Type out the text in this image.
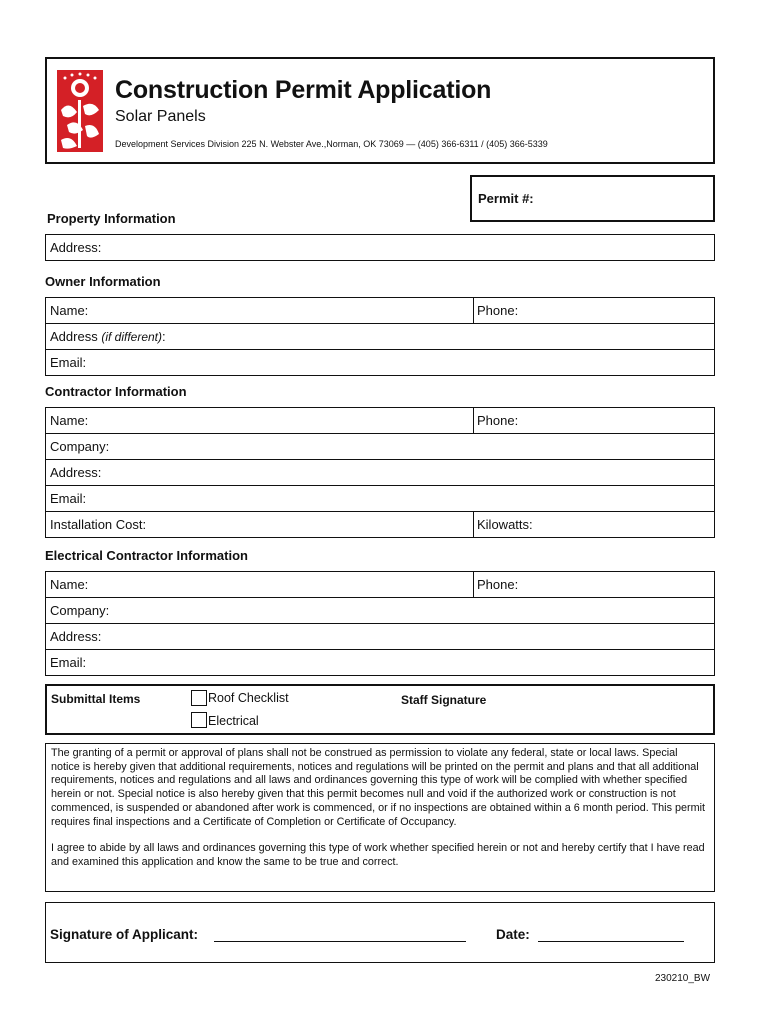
Construction Permit Application
Solar Panels
Development Services Division 225 N. Webster Ave.,Norman, OK 73069 — (405) 366-6311 / (405) 366-5339
Permit #:
Property Information
Address:
Owner Information
Name:	Phone:
Address (if different):
Email:
Contractor Information
Name:	Phone:
Company:
Address:
Email:
Installation Cost:	Kilowatts:
Electrical Contractor Information
Name:	Phone:
Company:
Address:
Email:
Submittal Items	Roof Checklist
Electrical
Staff Signature

The granting of a permit or approval of plans shall not be construed as permission to violate any federal, state or local laws. Special notice is hereby given that additional requirements, notices and regulations will be printed on the permit and plans and that all additional requirements, notices and regulations and all laws and ordinances governing this type of work will be complied with whether specified herein or not. Special notice is also hereby given that this permit becomes null and void if the authorized work or construction is not commenced, is suspended or abandoned after work is commenced, or if no inspections are obtained within a 6 month period. This permit requires final inspections and a Certificate of Completion or Certificate of Occupancy.

I agree to abide by all laws and ordinances governing this type of work whether specified herein or not and hereby certify that I have read and examined this application and know the same to be true and correct.

Signature of Applicant:	Date:
230210_BW
